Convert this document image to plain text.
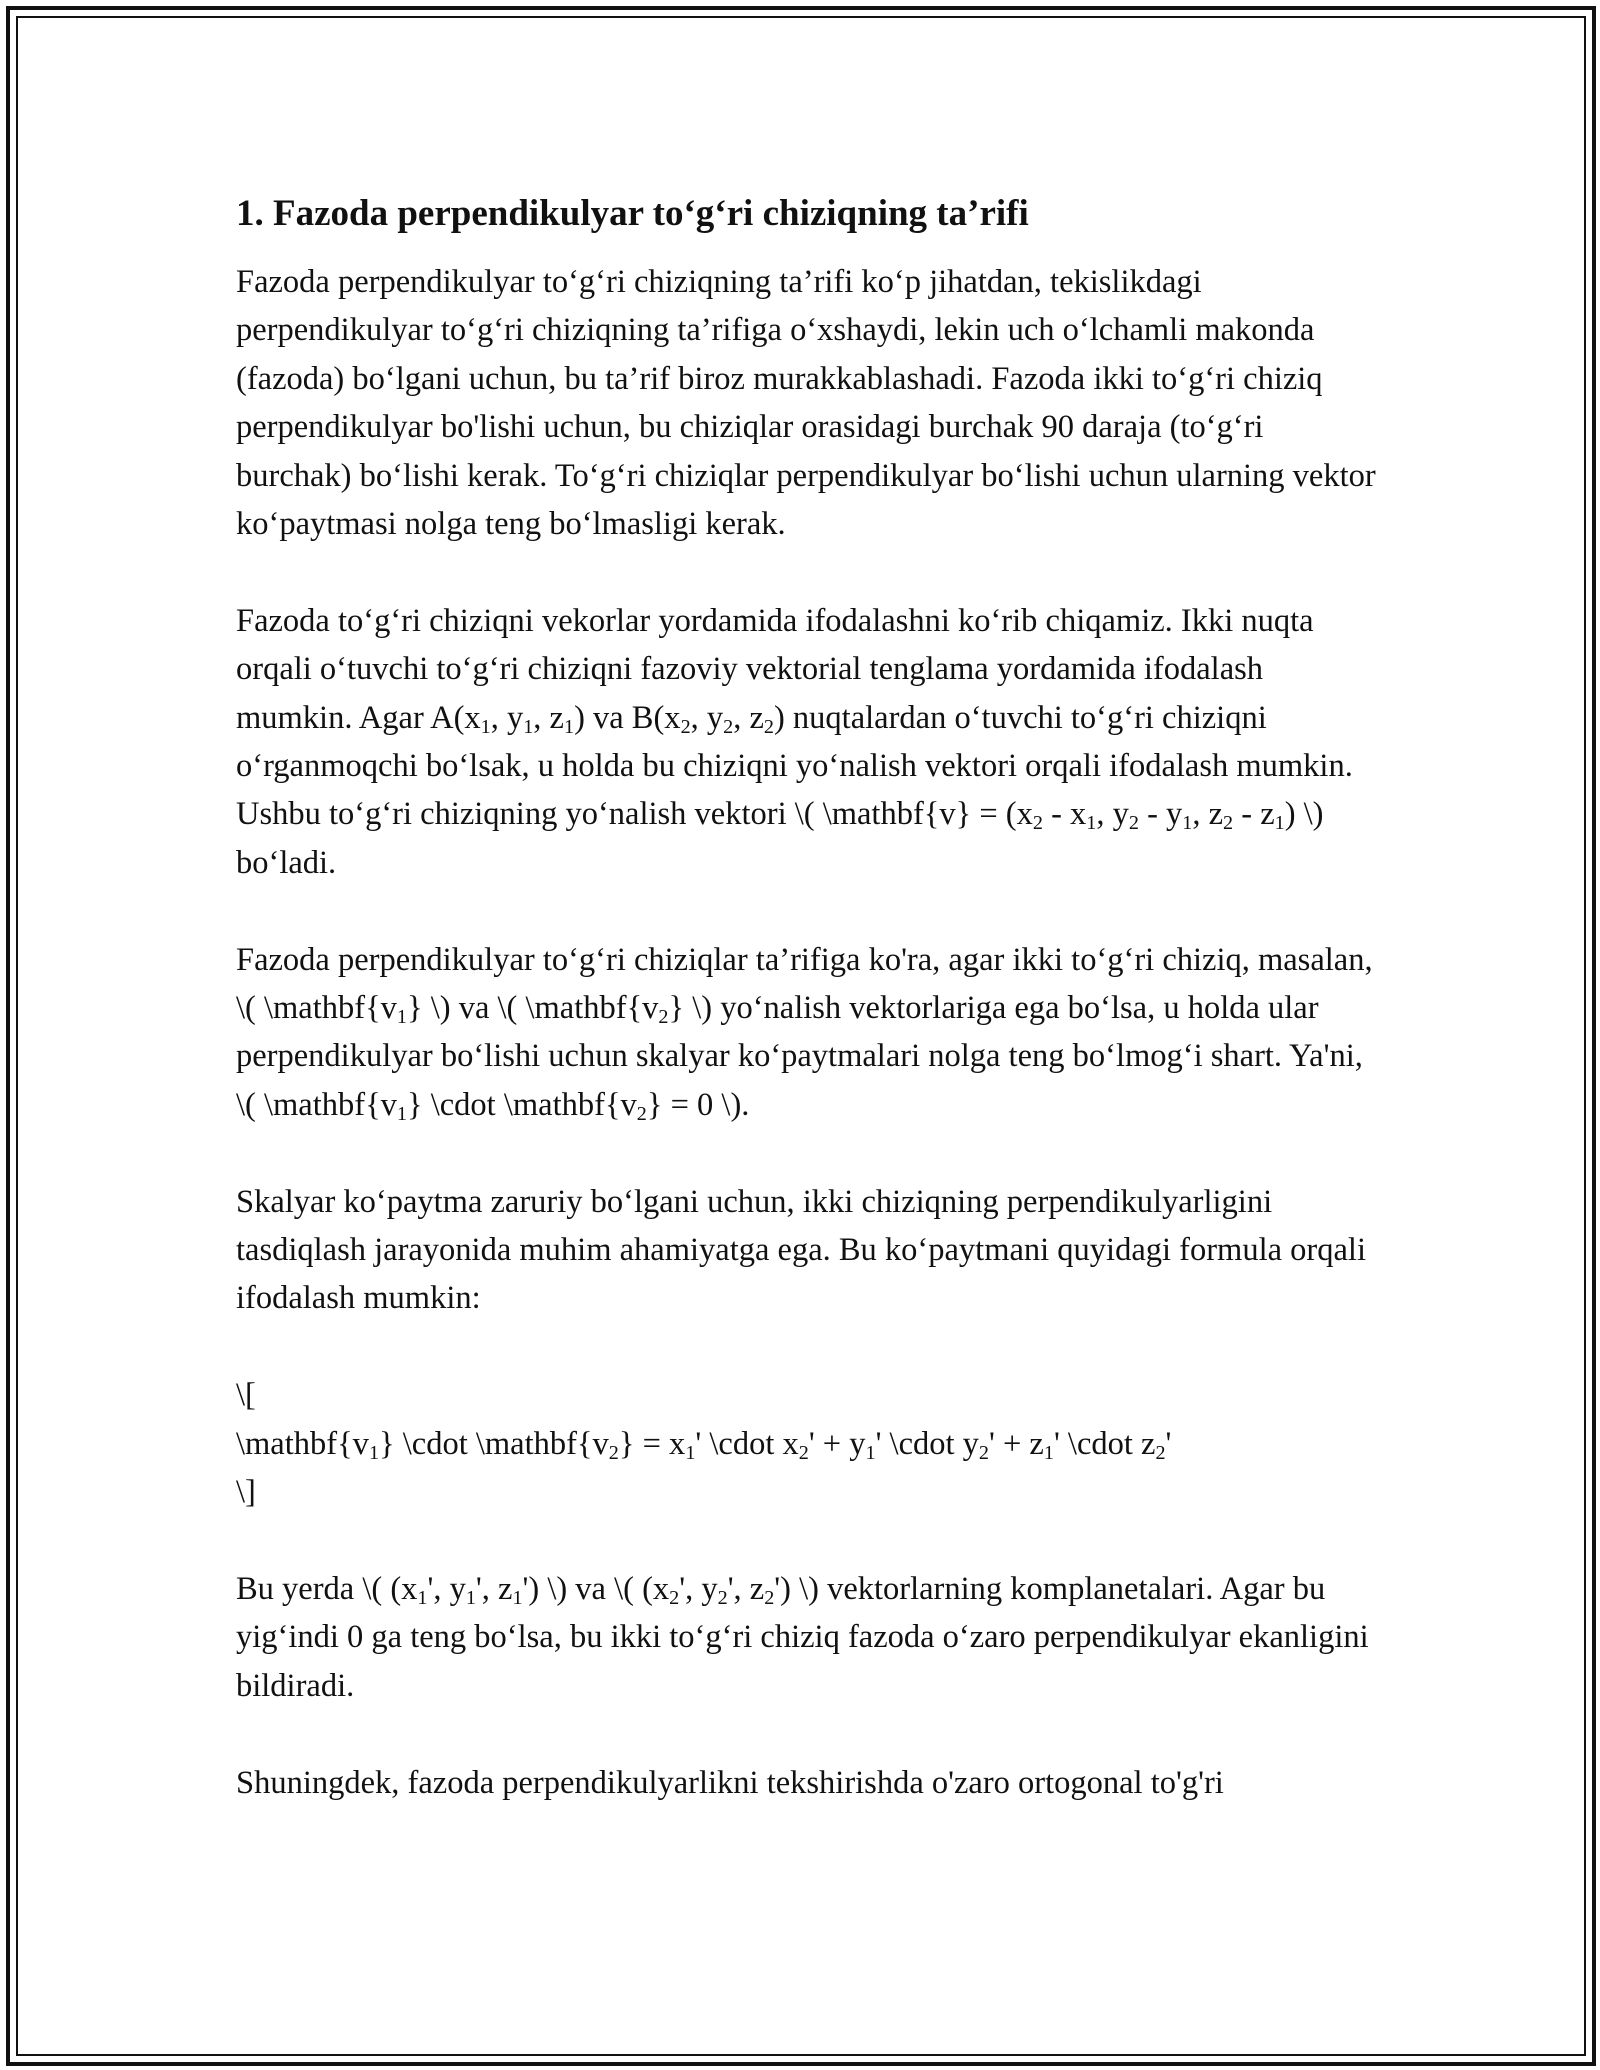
1. Fazoda perpendikulyar to‘g‘ri chiziqning ta’rifi

Fazoda perpendikulyar to‘g‘ri chiziqning ta’rifi ko‘p jihatdan, tekislikdagi perpendikulyar to‘g‘ri chiziqning ta’rifiga o‘xshaydi, lekin uch o‘lchamli makonda (fazoda) bo‘lgani uchun, bu ta’rif biroz murakkablashadi. Fazoda ikki to‘g‘ri chiziq perpendikulyar bo'lishi uchun, bu chiziqlar orasidagi burchak 90 daraja (to‘g‘ri burchak) bo‘lishi kerak. To‘g‘ri chiziqlar perpendikulyar bo‘lishi uchun ularning vektor ko‘paytmasi nolga teng bo‘lmasligi kerak.

Fazoda to‘g‘ri chiziqni vekorlar yordamida ifodalashni ko‘rib chiqamiz. Ikki nuqta orqali o‘tuvchi to‘g‘ri chiziqni fazoviy vektorial tenglama yordamida ifodalash mumkin. Agar $A(x_1$, $y_1$, $z_1$) va $B(x_2$, $y_2$, $z_2$) nuqtalardan o‘tuvchi to‘g‘ri chiziqni o‘rganmoqchi bo‘lsak, u holda bu chiziqni yo‘nalish vektori orqali ifodalash mumkin. Ushbu to‘g‘ri chiziqning yo‘nalish vektori \( \mathbf{v} = ($x_2 - x_1$, $y_2 - y_1$, $z_2 - z_1$) \) bo‘ladi.

Fazoda perpendikulyar to‘g‘ri chiziqlar ta’rifiga ko'ra, agar ikki to‘g‘ri chiziq, masalan, \( $\backslash mathbf\{v_1\}$ \) va \( $\backslash mathbf\{v_2\}$ \) yo‘nalish vektorlariga ega bo‘lsa, u holda ular perpendikulyar bo‘lishi uchun skalyar ko‘paytmalari nolga teng bo‘lmog‘i shart. Ya'ni, \( $\backslash mathbf\{v_1\}$ \cdot $\backslash mathbf\{v_2\} = 0$ \).

Skalyar ko‘paytma zaruriy bo‘lgani uchun, ikki chiziqning perpendikulyarligini tasdiqlash jarayonida muhim ahamiyatga ega. Bu ko‘paytmani quyidagi formula orqali ifodalash mumkin:

\[
$\backslash mathbf\{v_1\}$ \cdot $\backslash mathbf\{v_2\} = x_1'$ \cdot $x_2' + y_1'$ \cdot $y_2' + z_1'$ \cdot $z_2'$
\]

Bu yerda \( ($x_1'$, $y_1'$, $z_1'$) \) va \( ($x_2'$, $y_2'$, $z_2'$) \) vektorlarning komplanetalari. Agar bu yig‘indi 0 ga teng bo‘lsa, bu ikki to‘g‘ri chiziq fazoda o‘zaro perpendikulyar ekanligini bildiradi.

Shuningdek, fazoda perpendikulyarlikni tekshirishda o'zaro ortogonal to'g'ri
